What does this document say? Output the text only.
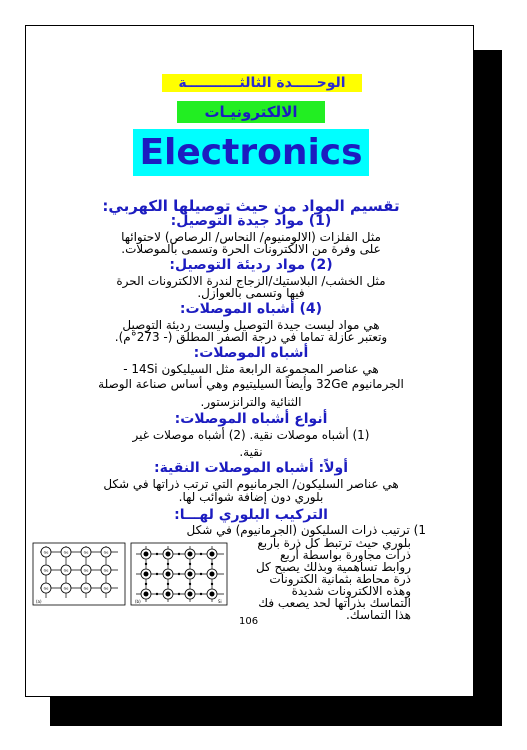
الوحـــــدة الثالثـــــــــــة
الالكترونيـات
Electronics
تقسيم المواد من حيث توصيلها الكهربي:
(1) مواد جيدة التوصيل:
مثل الفلزات (الالومنيوم/ النحاس/ الرصاص) لاحتوائها
على وفرة من الالكترونات الحرة وتسمى بالموصلات.
(2) مواد رديئة التوصيل:
مثل الخشب/ البلاستيك/الزجاج لندرة الالكترونات الحرة
فيها وتسمى بالعوازل.
(4) أشباه الموصلات:
هي مواد ليست جيدة التوصيل وليست رديئة التوصيل
وتعتبر عازلة تماما في درجة الصفر المطلق (- 273°م).
أشباه الموصلات:
هي عناصر المجموعة الرابعة مثل السيليكون 14Si -
الجرمانيوم 32Ge وأيضاً السيليتيوم وهي أساس صناعة الوصلة
الثنائية والترانزستور.
أنواع أشباه الموصلات:
(1) أشباه موصلات نقية. (2) أشباه موصلات غير
نقية.
أولاً: أشباه الموصلات النقية:
هي عناصر السليكون/ الجرمانيوم التي ترتب ذراتها في شكل
بلوري دون إضافة شوائب لها.
التركيب البلوري لهـــا:
1) ترتيب ذرات السليكون (الجرمانيوم) في شكل
بلوري حيث ترتبط كل ذرة بأربع
ذرات مجاورة بواسطة أربع
روابط تساهمية وبذلك يصبح كل
ذرة محاطة بثمانية الكترونات
وهذه الالكترونات شديدة
التماسك بذراتها لحد يصعب فك
هذا التماسك.
Ge	Ge	Ge	Ge
Ge	Ge	Ge	Ge
Ge	Ge	Ge	Ge
(a)	(b)	Si
106
